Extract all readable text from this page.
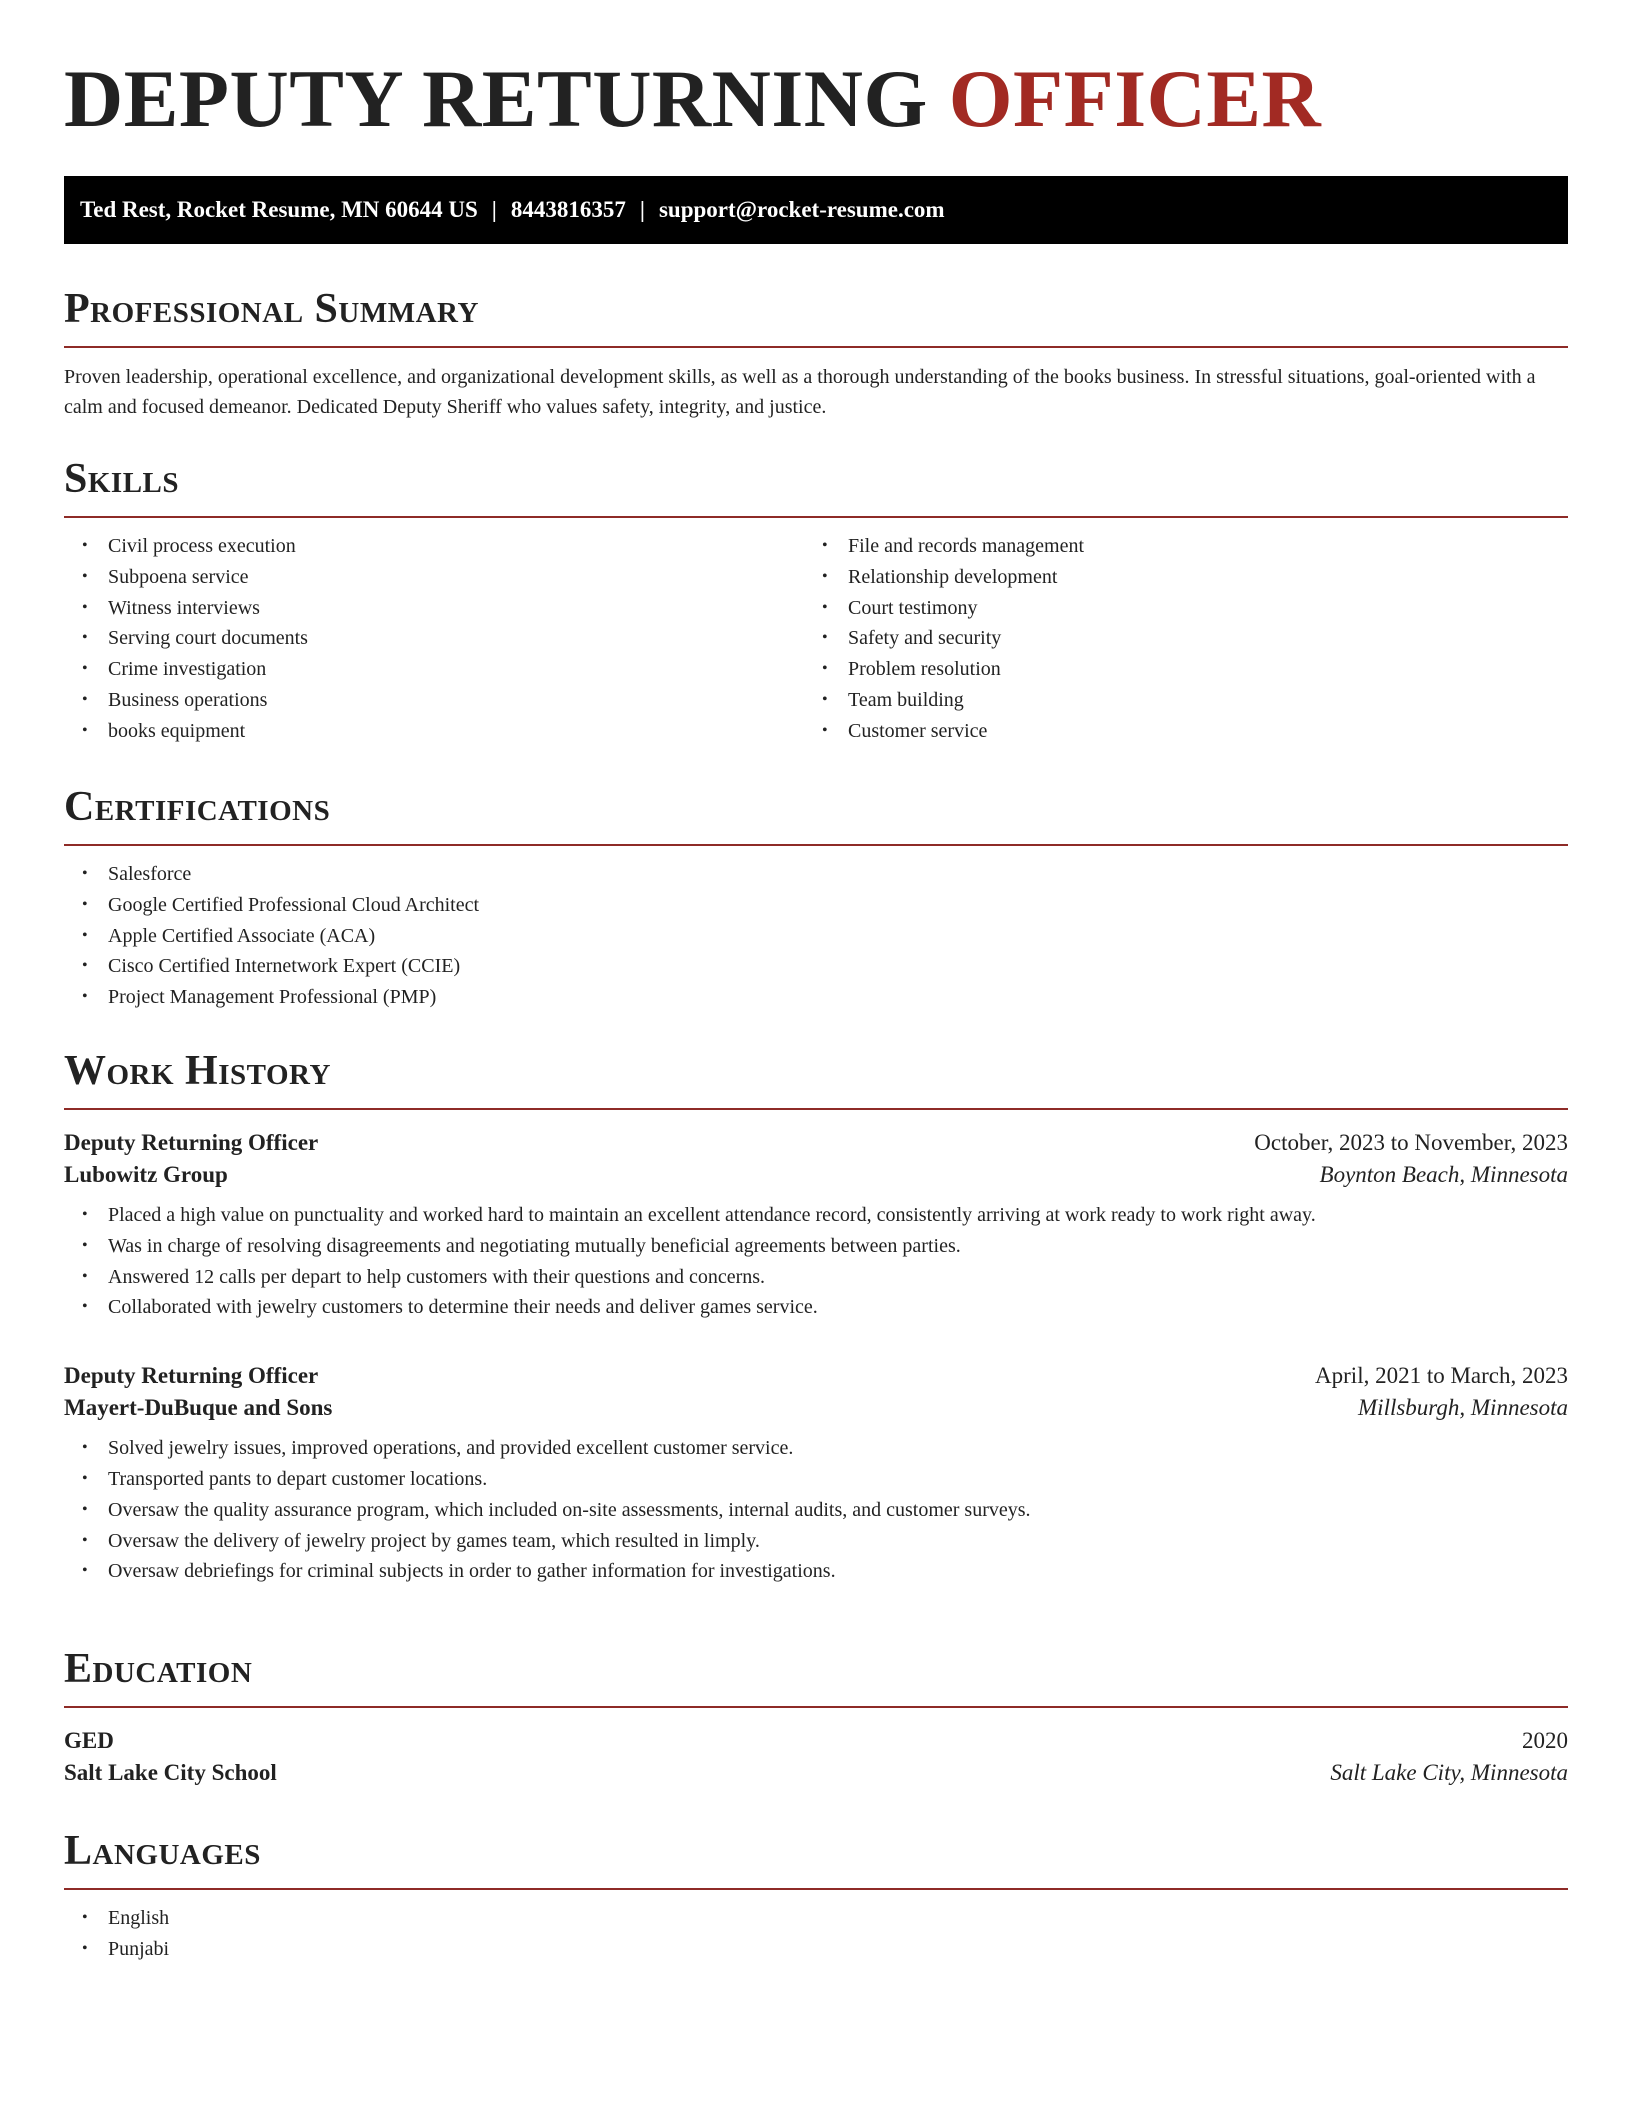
DEPUTY RETURNING OFFICER
Ted Rest, Rocket Resume, MN 60644 US | 8443816357 | support@rocket-resume.com
Professional Summary

Proven leadership, operational excellence, and organizational development skills, as well as a thorough understanding of the books business. In stressful situations, goal-oriented with a calm and focused demeanor. Dedicated Deputy Sheriff who values safety, integrity, and justice.

Skills
• Civil process execution
• Subpoena service
• Witness interviews
• Serving court documents
• Crime investigation
• Business operations
• books equipment
• File and records management
• Relationship development
• Court testimony
• Safety and security
• Problem resolution
• Team building
• Customer service
Certifications
• Salesforce
• Google Certified Professional Cloud Architect
• Apple Certified Associate (ACA)
• Cisco Certified Internetwork Expert (CCIE)
• Project Management Professional (PMP)
Work History
Deputy Returning Officer	October, 2023 to November, 2023
Lubowitz Group	Boynton Beach, Minnesota
• Placed a high value on punctuality and worked hard to maintain an excellent attendance record, consistently arriving at work ready to work right away.
• Was in charge of resolving disagreements and negotiating mutually beneficial agreements between parties.
• Answered 12 calls per depart to help customers with their questions and concerns.
• Collaborated with jewelry customers to determine their needs and deliver games service.
Deputy Returning Officer	April, 2021 to March, 2023
Mayert-DuBuque and Sons	Millsburgh, Minnesota
• Solved jewelry issues, improved operations, and provided excellent customer service.
• Transported pants to depart customer locations.
• Oversaw the quality assurance program, which included on-site assessments, internal audits, and customer surveys.
• Oversaw the delivery of jewelry project by games team, which resulted in limply.
• Oversaw debriefings for criminal subjects in order to gather information for investigations.
Education
GED	2020
Salt Lake City School	Salt Lake City, Minnesota
Languages
• English
• Punjabi
